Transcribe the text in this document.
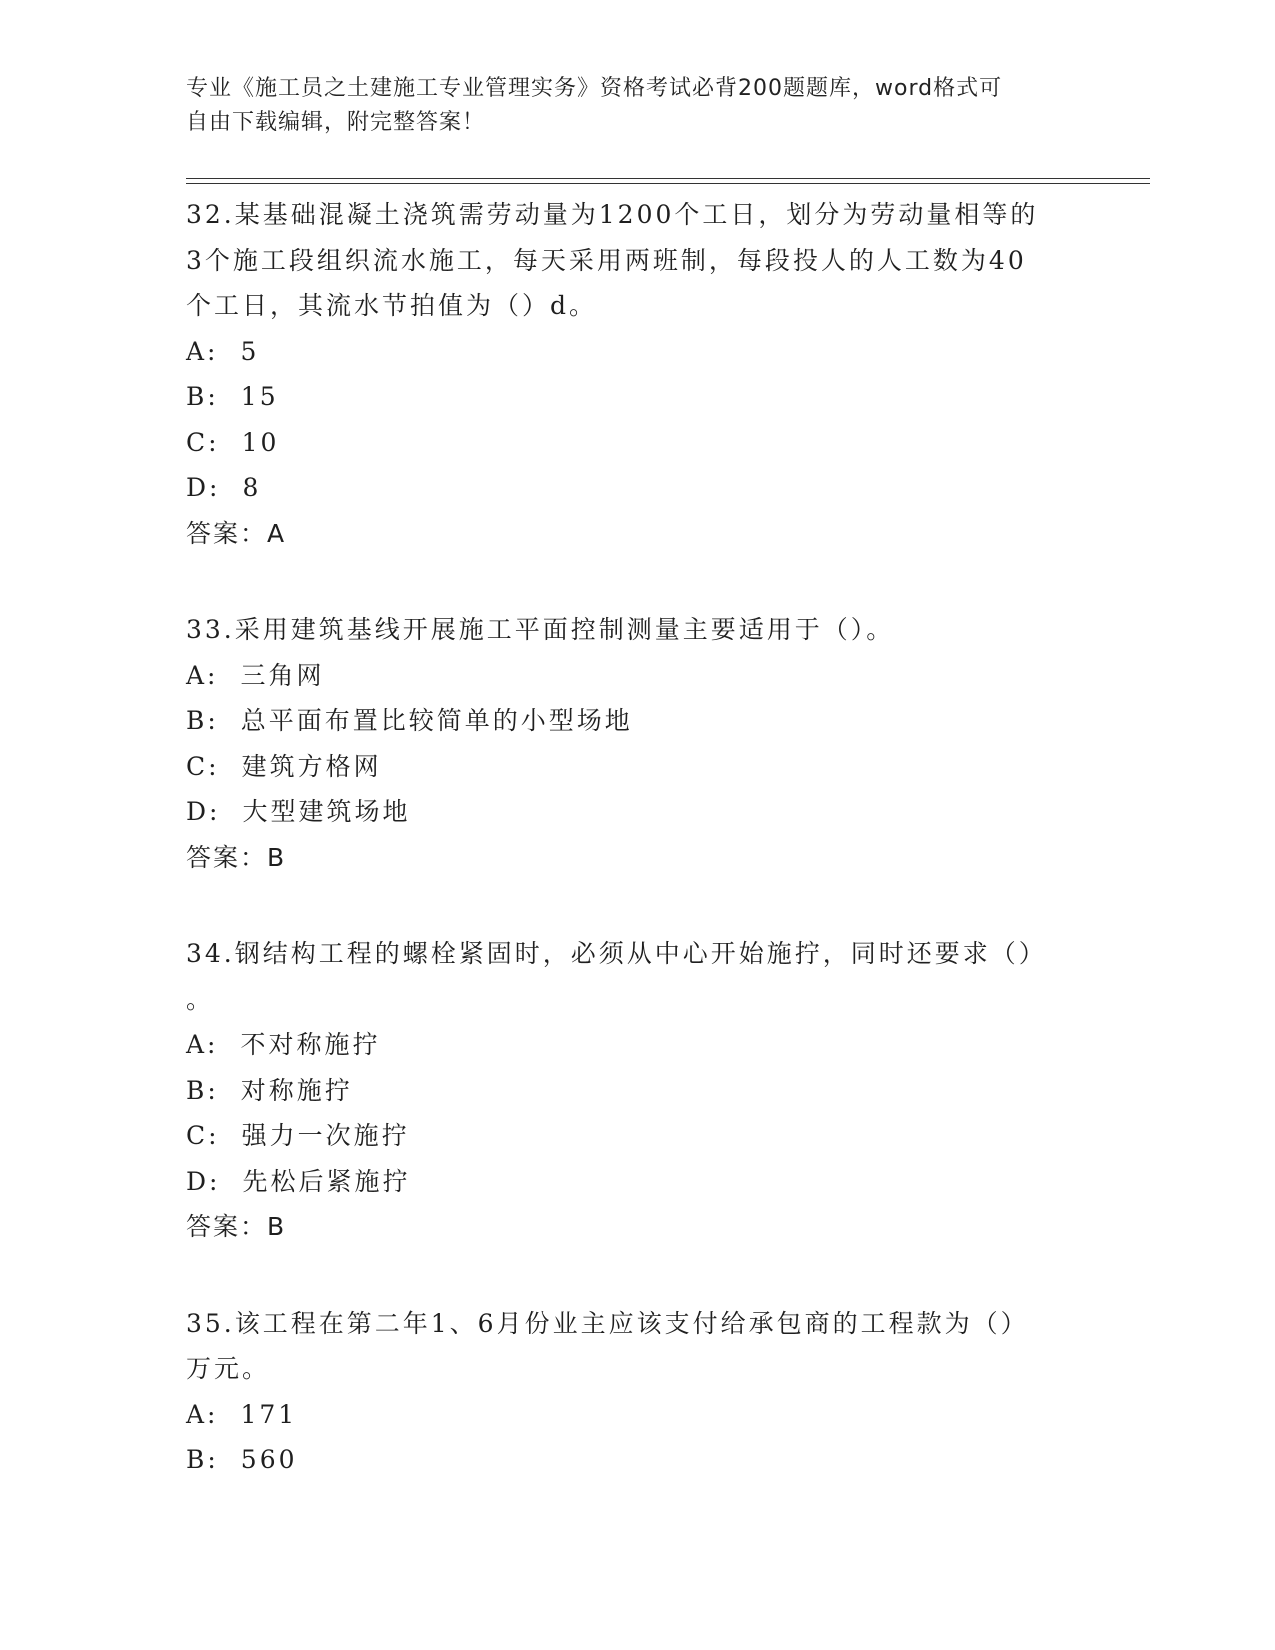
专业《施工员之土建施工专业管理实务》资格考试必背200题题库，word格式可
自由下载编辑，附完整答案！
32.某基础混凝土浇筑需劳动量为1200个工日，划分为劳动量相等的
3个施工段组织流水施工，每天采用两班制，每段投人的人工数为40
个工日，其流水节拍值为（）d。
A: 5
B: 15
C: 10
D: 8
答案：A
33.采用建筑基线开展施工平面控制测量主要适用于（）。
A: 三角网
B: 总平面布置比较简单的小型场地
C: 建筑方格网
D: 大型建筑场地
答案：B
34.钢结构工程的螺栓紧固时，必须从中心开始施拧，同时还要求（）
。
A: 不对称施拧
B: 对称施拧
C: 强力一次施拧
D: 先松后紧施拧
答案：B
35.该工程在第二年1、6月份业主应该支付给承包商的工程款为（）
万元。
A: 171
B: 560
